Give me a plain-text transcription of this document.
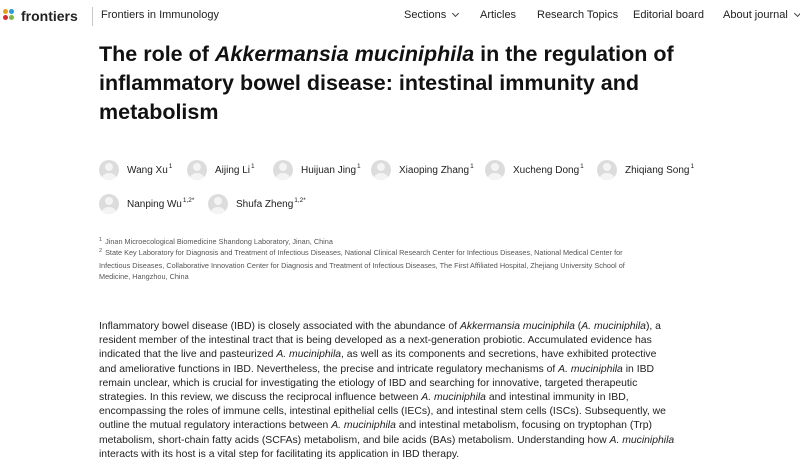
frontiers Frontiers in Immunology	Sections	Articles Research Topics Editorial board About journal
The role of Akkermansia muciniphila in the regulation of inflammatory bowel disease: intestinal immunity and metabolism
Wang Xu$^1$	Aijing Li$^1$	Huijuan Jing$^1$	Xiaoping Zhang$^1$	Xucheng Dong$^1$	Zhiqiang Song$^1$
Nanping $Wu^{1,2*}$	Shufa Zheng$^{1,2*}$
$^1$ Jinan Microecological Biomedicine Shandong Laboratory, Jinan, China
$^2$ State Key Laboratory for Diagnosis and Treatment of Infectious Diseases, National Clinical Research Center for Infectious Diseases, National Medical Center for
Infectious Diseases, Collaborative Innovation Center for Diagnosis and Treatment of Infectious Diseases, The First Affiliated Hospital, Zhejiang University School of
Medicine, Hangzhou, China

Inflammatory bowel disease (IBD) is closely associated with the abundance of Akkermansia muciniphila (A. muciniphila), a

resident member of the intestinal tract that is being developed as a next-generation probiotic. Accumulated evidence has

indicated that the live and pasteurized A. muciniphila, as well as its components and secretions, have exhibited protective

and ameliorative functions in IBD. Nevertheless, the precise and intricate regulatory mechanisms of A. muciniphila in IBD

remain unclear, which is crucial for investigating the etiology of IBD and searching for innovative, targeted therapeutic

strategies. In this review, we discuss the reciprocal influence between A. muciniphila and intestinal immunity in IBD,

encompassing the roles of immune cells, intestinal epithelial cells (IECs), and intestinal stem cells (ISCs). Subsequently, we

outline the mutual regulatory interactions between A. muciniphila and intestinal metabolism, focusing on tryptophan (Trp)

metabolism, short-chain fatty acids (SCFAs) metabolism, and bile acids (BAs) metabolism. Understanding how A. muciniphila

interacts with its host is a vital step for facilitating its application in IBD therapy.
